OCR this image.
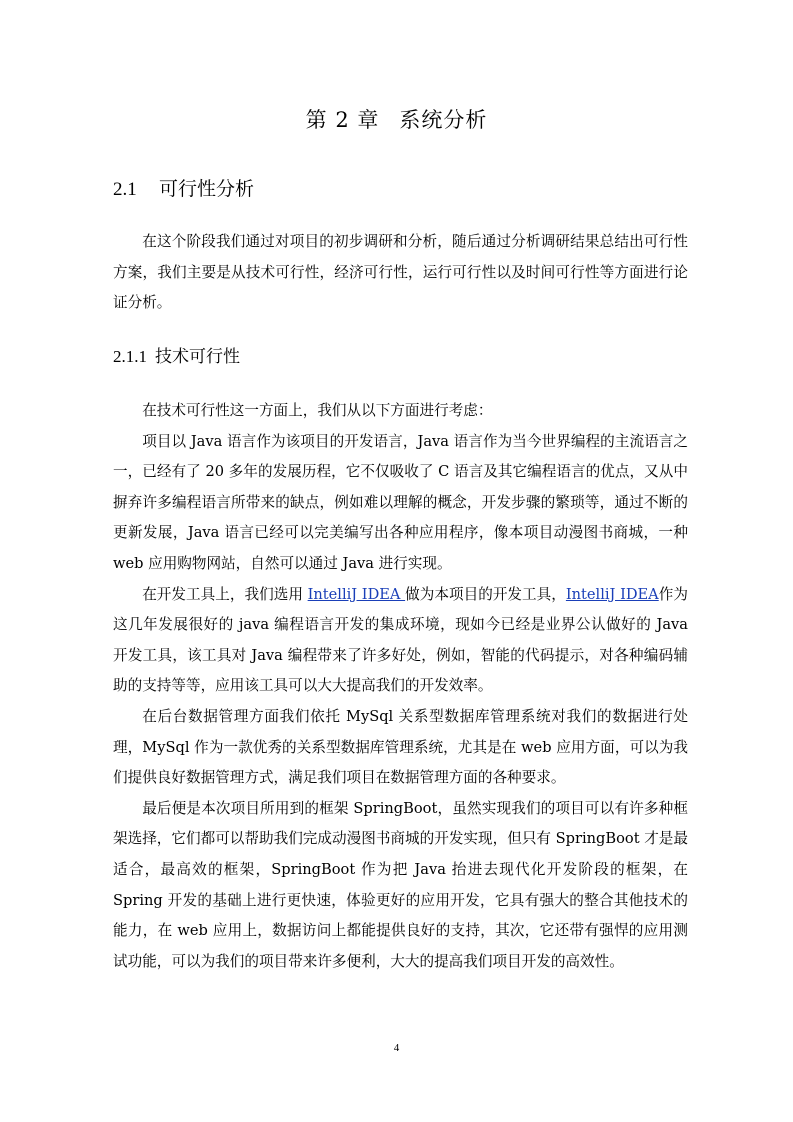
第 2 章 系统分析
2.1 可行性分析

在这个阶段我们通过对项目的初步调研和分析，随后通过分析调研结果总结出可行性方案，我们主要是从技术可行性，经济可行性，运行可行性以及时间可行性等方面进行论证分析。

2.1.1 技术可行性

在技术可行性这一方面上，我们从以下方面进行考虑：

项目以 Java 语言作为该项目的开发语言，Java 语言作为当今世界编程的主流语言之一，已经有了 20 多年的发展历程，它不仅吸收了 C 语言及其它编程语言的优点，又从中摒弃许多编程语言所带来的缺点，例如难以理解的概念，开发步骤的繁琐等，通过不断的更新发展，Java 语言已经可以完美编写出各种应用程序，像本项目动漫图书商城，一种 web 应用购物网站，自然可以通过 Java 进行实现。

在开发工具上，我们选用 IntelliJ IDEA 做为本项目的开发工具，IntelliJ IDEA作为这几年发展很好的 java 编程语言开发的集成环境，现如今已经是业界公认做好的 Java 开发工具，该工具对 Java 编程带来了许多好处，例如，智能的代码提示，对各种编码辅助的支持等等，应用该工具可以大大提高我们的开发效率。

在后台数据管理方面我们依托 MySql 关系型数据库管理系统对我们的数据进行处理，MySql 作为一款优秀的关系型数据库管理系统，尤其是在 web 应用方面，可以为我们提供良好数据管理方式，满足我们项目在数据管理方面的各种要求。

最后便是本次项目所用到的框架 SpringBoot，虽然实现我们的项目可以有许多种框架选择，它们都可以帮助我们完成动漫图书商城的开发实现，但只有 SpringBoot 才是最适合，最高效的框架，SpringBoot 作为把 Java 抬进去现代化开发阶段的框架，在 Spring 开发的基础上进行更快速，体验更好的应用开发，它具有强大的整合其他技术的能力，在 web 应用上，数据访问上都能提供良好的支持，其次，它还带有强悍的应用测试功能，可以为我们的项目带来许多便利，大大的提高我们项目开发的高效性。

4
